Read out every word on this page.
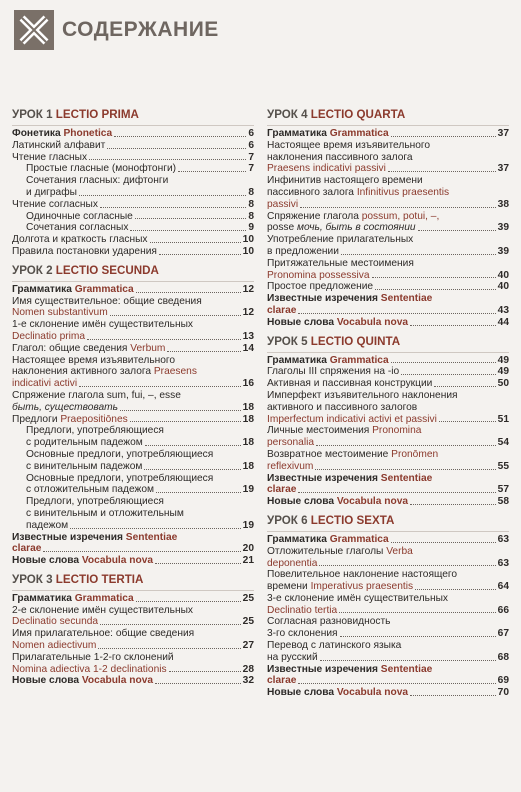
СОДЕРЖАНИЕ
УРОК 1 LECTIO PRIMA
Фонетика Phonetica	6
Латинский алфавит	6
Чтение гласных	7
Простые гласные (монофтонги)	7
Сочетания гласных: дифтонги
и диграфы	8
Чтение согласных	8
Одиночные согласные	8
Сочетания согласных	9
Долгота и краткость гласных	10
Правила постановки ударения	10
УРОК 2 LECTIO SECUNDA
Грамматика Grammatica	12
Имя существительное: общие сведения
Nomen substantivum	12
1-е склонение имён существительных
Declinatio prima	13
Глагол: общие сведения Verbum	14
Настоящее время изъявительного
наклонения активного залога Praesens
indicativi activi	16
Спряжение глагола sum, fui, –, esse
быть, существовать	18
Предлоги Praepositiōnes	18
Предлоги, употребляющиеся
с родительным падежом	18
Основные предлоги, употребляющиеся
с винительным падежом	18
Основные предлоги, употребляющиеся
с отложительным падежом	19
Предлоги, употребляющиеся
с винительным и отложительным
падежом	19
Известные изречения Sententiae
clarae	20
Новые слова Vocabula nova	21
УРОК 3 LECTIO TERTIA
Грамматика Grammatica	25
2-е склонение имён существительных
Declinatio secunda	25
Имя прилагательное: общие сведения
Nomen adiectivum	27
Прилагательные 1-2-го склонений
Nomina adiectiva 1-2 declinationis	28
Новые слова Vocabula nova	32
УРОК 4 LECTIO QUARTA
Грамматика Grammatica	37
Настоящее время изъявительного
наклонения пассивного залога
Praesens indicativi passivi	37
Инфинитив настоящего времени
пассивного залога Infinitivus praesentis
passivi	38
Спряжение глагола possum, potui, –,
posse мочь, быть в состоянии	39
Употребление прилагательных
в предложении	39
Притяжательные местоимения
Pronomina possessiva	40
Простое предложение	40
Известные изречения Sententiae
clarae	43
Новые слова Vocabula nova	44
УРОК 5 LECTIO QUINTA
Грамматика Grammatica	49
Глаголы III спряжения на -io	49
Активная и пассивная конструкции	50
Имперфект изъявительного наклонения
активного и пассивного залогов
Imperfectum indicativi activi et passivi	51
Личные местоимения Pronomina
personalia	54
Возвратное местоимение Pronōmen
reflexivum	55
Известные изречения Sententiae
clarae	57
Новые слова Vocabula nova	58
УРОК 6 LECTIO SEXTA
Грамматика Grammatica	63
Отложительные глаголы Verba
deponentia	63
Повелительное наклонение настоящего
времени Imperativus praesentis	64
3-е склонение имён существительных
Declinatio tertia	66
Согласная разновидность
3-го склонения	67
Перевод с латинского языка
на русский	68
Известные изречения Sententiae
clarae	69
Новые слова Vocabula nova	70
